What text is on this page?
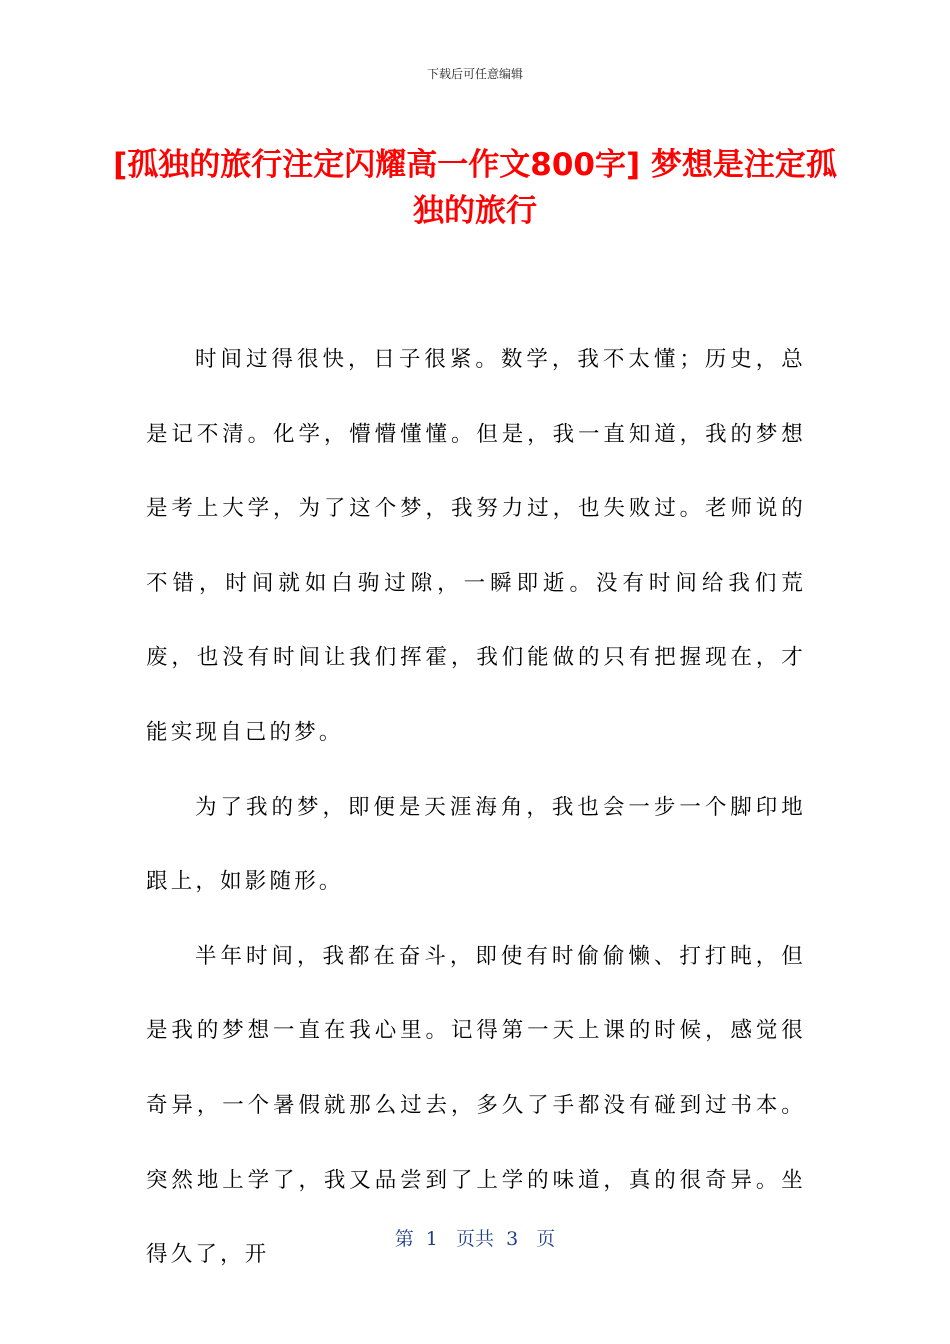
下载后可任意编辑
[孤独的旅行注定闪耀高一作文800字] 梦想是注定孤独的旅行

时间过得很快，日子很紧。数学，我不太懂；历史，总是记不清。化学，懵懵懂懂。但是，我一直知道，我的梦想是考上大学，为了这个梦，我努力过，也失败过。老师说的不错，时间就如白驹过隙，一瞬即逝。没有时间给我们荒废，也没有时间让我们挥霍，我们能做的只有把握现在，才能实现自己的梦。

为了我的梦，即便是天涯海角，我也会一步一个脚印地跟上，如影随形。

半年时间，我都在奋斗，即使有时偷偷懒、打打盹，但是我的梦想一直在我心里。记得第一天上课的时候，感觉很奇异，一个暑假就那么过去，多久了手都没有碰到过书本。突然地上学了，我又品尝到了上学的味道，真的很奇异。坐得久了，开

第  1   页共  3   页
